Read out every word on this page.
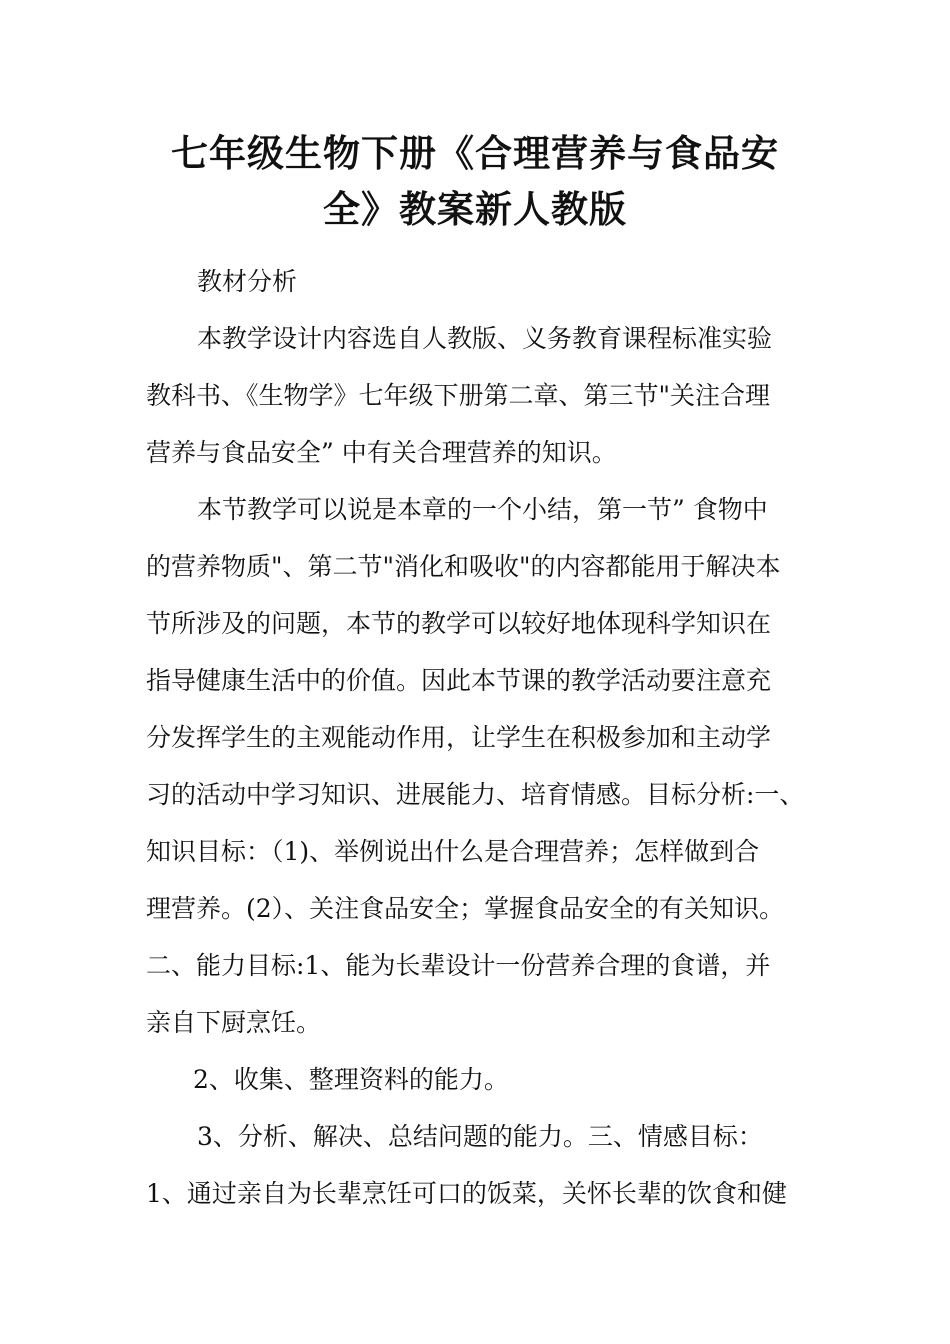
七年级生物下册《合理营养与食品安
全》教案新人教版
教材分析
本教学设计内容选自人教版、义务教育课程标准实验
教科书、《生物学》七年级下册第二章、第三节"关注合理
营养与食品安全” 中有关合理营养的知识。
本节教学可以说是本章的一个小结，第一节” 食物中
的营养物质"、第二节"消化和吸收"的内容都能用于解决本
节所涉及的问题，本节的教学可以较好地体现科学知识在
指导健康生活中的价值。因此本节课的教学活动要注意充
分发挥学生的主观能动作用，让学生在积极参加和主动学
习的活动中学习知识、进展能力、培育情感。目标分析:一、
知识目标：（1)、举例说出什么是合理营养；怎样做到合
理营养。(2）、关注食品安全；掌握食品安全的有关知识。
二、能力目标:1、能为长辈设计一份营养合理的食谱，并
亲自下厨烹饪。
2、收集、整理资料的能力。
3、分析、解决、总结问题的能力。三、情感目标：
1、通过亲自为长辈烹饪可口的饭菜，关怀长辈的饮食和健
